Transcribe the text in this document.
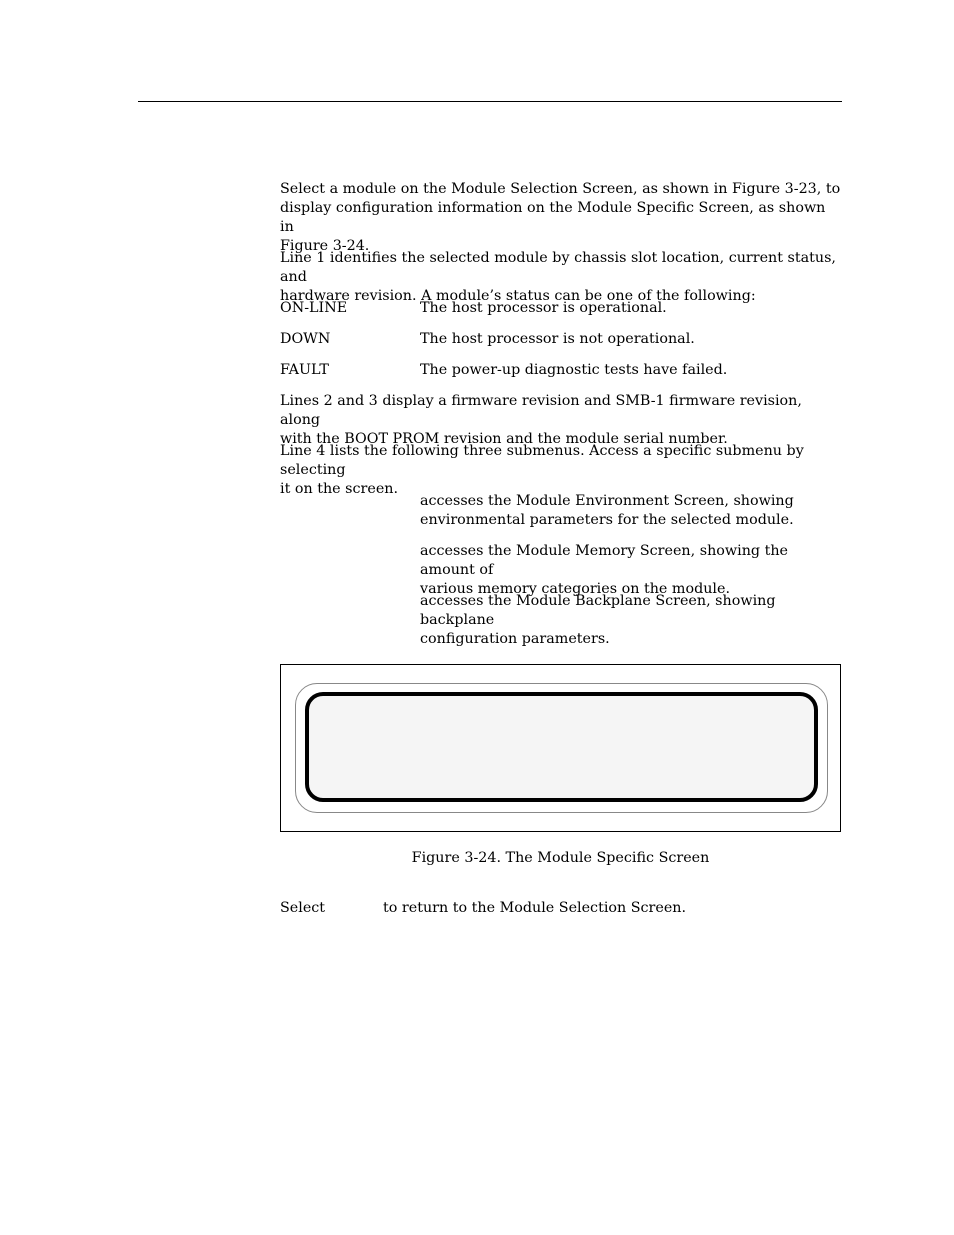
Select a module on the Module Selection Screen, as shown in Figure 3-23, to
display configuration information on the Module Specific Screen, as shown in
Figure 3-24.
Line 1 identifies the selected module by chassis slot location, current status, and
hardware revision. A module’s status can be one of the following:
ON-LINE	The host processor is operational.
DOWN	The host processor is not operational.
FAULT	The power-up diagnostic tests have failed.
Lines 2 and 3 display a firmware revision and SMB-1 firmware revision, along
with the BOOT PROM revision and the module serial number.
Line 4 lists the following three submenus. Access a specific submenu by selecting
it on the screen.
accesses the Module Environment Screen, showing
environmental parameters for the selected module.
accesses the Module Memory Screen, showing the amount of
various memory categories on the module.
accesses the Module Backplane Screen, showing backplane
configuration parameters.
Figure 3-24. The Module Specific Screen
Select	to return to the Module Selection Screen.
